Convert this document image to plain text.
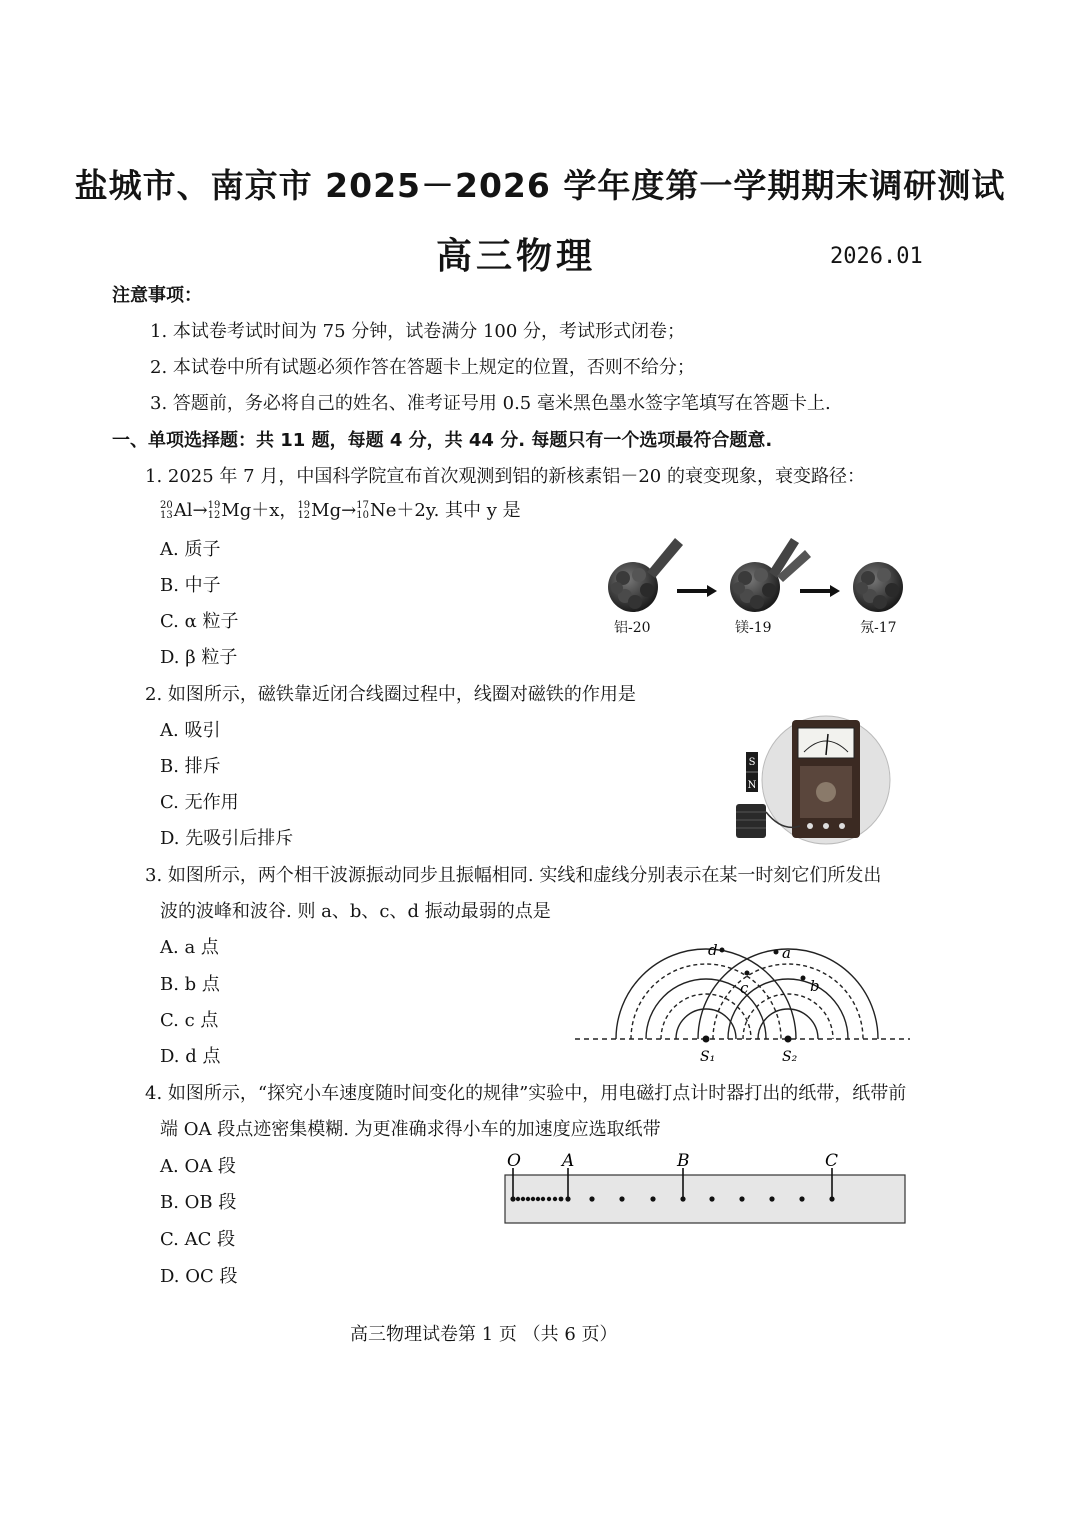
盐城市、南京市 2025－2026 学年度第一学期期末调研测试
高三物理	2026.01
注意事项：
1. 本试卷考试时间为 75 分钟，试卷满分 100 分，考试形式闭卷；
2. 本试卷中所有试题必须作答在答题卡上规定的位置，否则不给分；
3. 答题前，务必将自己的姓名、准考证号用 0.5 毫米黑色墨水签字笔填写在答题卡上.
一、单项选择题：共 11 题，每题 4 分，共 44 分. 每题只有一个选项最符合题意.
1. 2025 年 7 月，中国科学院宣布首次观测到铝的新核素铝－20 的衰变现象，衰变路径：
20
13Al→19
12Mg＋x，19
12Mg→17
10Ne＋2y. 其中 y 是
A. 质子
B. 中子
C. α 粒子
D. β 粒子
铝-20	镁-19	氖-17
2. 如图所示，磁铁靠近闭合线圈过程中，线圈对磁铁的作用是
A. 吸引
B. 排斥
C. 无作用
D. 先吸引后排斥
S
N
3. 如图所示，两个相干波源振动同步且振幅相同. 实线和虚线分别表示在某一时刻它们所发出
波的波峰和波谷. 则 a、b、c、d 振动最弱的点是
A. a 点
B. b 点
C. c 点
D. d 点
a
b
c
d
S₁	S₂
4. 如图所示，“探究小车速度随时间变化的规律”实验中，用电磁打点计时器打出的纸带，纸带前
端 OA 段点迹密集模糊. 为更准确求得小车的加速度应选取纸带
A. OA 段
B. OB 段
C. AC 段
D. OC 段
O A	B	C
高三物理试卷第 1 页 （共 6 页）
